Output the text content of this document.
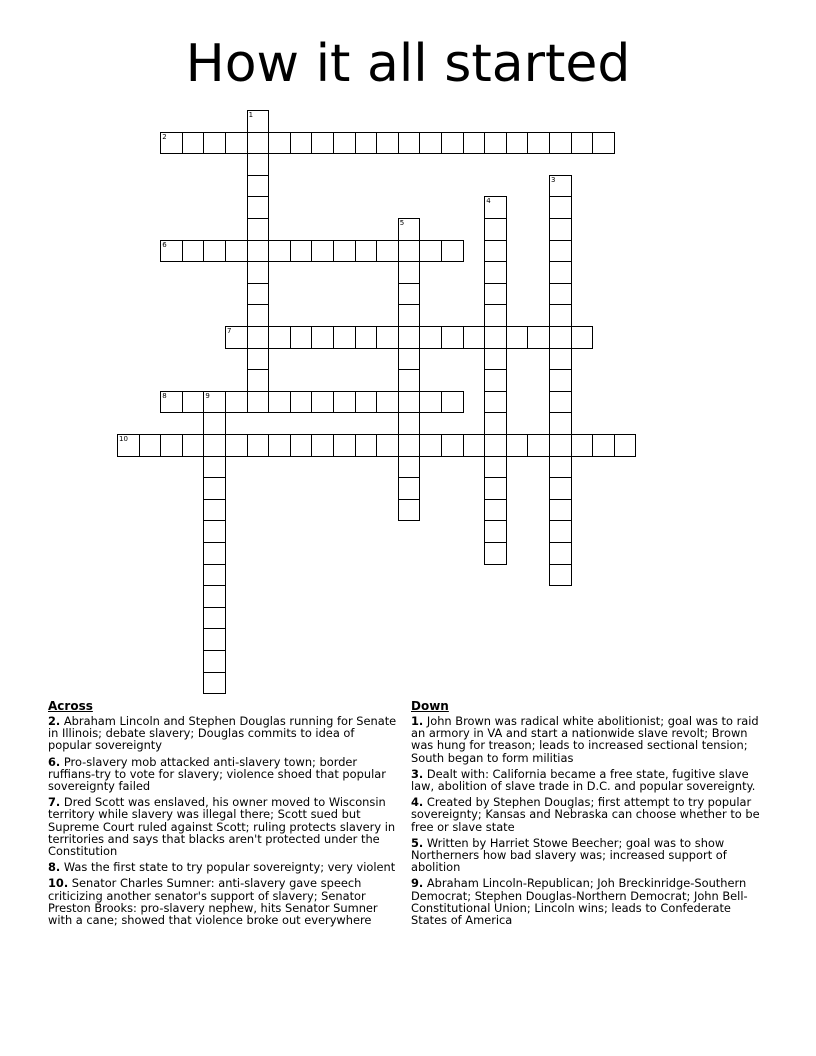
How it all started
1
2
3
4
5
6
7
8	9
10
Across
2. Abraham Lincoln and Stephen Douglas running for Senate in Illinois; debate slavery; Douglas commits to idea of popular sovereignty
6. Pro-slavery mob attacked anti-slavery town; border ruffians-try to vote for slavery; violence shoed that popular sovereignty failed
7. Dred Scott was enslaved, his owner moved to Wisconsin territory while slavery was illegal there; Scott sued but Supreme Court ruled against Scott; ruling protects slavery in territories and says that blacks aren't protected under the Constitution
8. Was the first state to try popular sovereignty; very violent
10. Senator Charles Sumner: anti-slavery gave speech criticizing another senator's support of slavery; Senator Preston Brooks: pro-slavery nephew, hits Senator Sumner with a cane; showed that violence broke out everywhere
Down
1. John Brown was radical white abolitionist; goal was to raid an armory in VA and start a nationwide slave revolt; Brown was hung for treason; leads to increased sectional tension; South began to form militias
3. Dealt with: California became a free state, fugitive slave law, abolition of slave trade in D.C. and popular sovereignty.
4. Created by Stephen Douglas; first attempt to try popular sovereignty; Kansas and Nebraska can choose whether to be free or slave state
5. Written by Harriet Stowe Beecher; goal was to show Northerners how bad slavery was; increased support of abolition
9. Abraham Lincoln-Republican; Joh Breckinridge-Southern Democrat; Stephen Douglas-Northern Democrat; John Bell- Constitutional Union; Lincoln wins; leads to Confederate States of America
